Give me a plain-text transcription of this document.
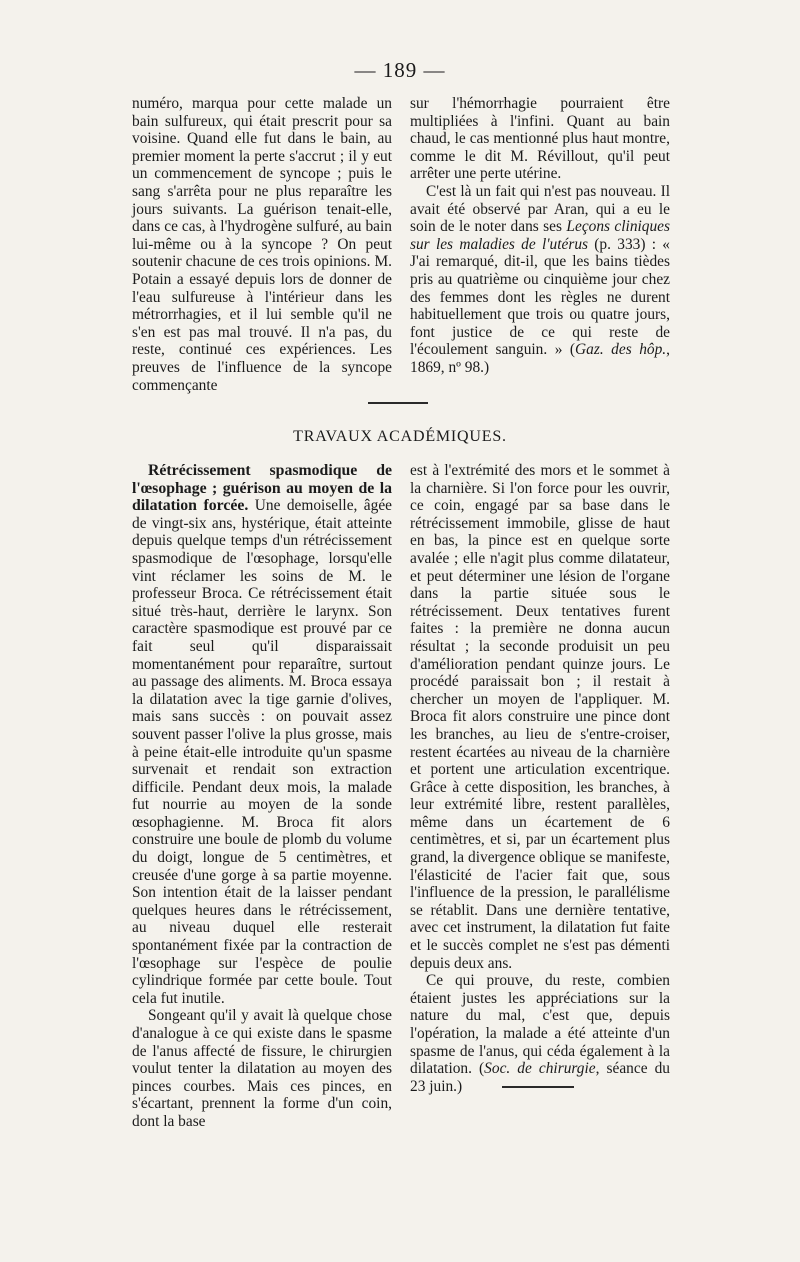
— 189 —

numéro, marqua pour cette malade un bain sulfureux, qui était prescrit pour sa voisine. Quand elle fut dans le bain, au premier moment la perte s'accrut ; il y eut un commencement de syncope ; puis le sang s'arrêta pour ne plus reparaître les jours suivants. La guérison tenait-elle, dans ce cas, à l'hydrogène sulfuré, au bain lui-même ou à la syncope ? On peut soutenir chacune de ces trois opinions. M. Potain a essayé depuis lors de donner de l'eau sulfureuse à l'intérieur dans les métrorrhagies, et il lui semble qu'il ne s'en est pas mal trouvé. Il n'a pas, du reste, continué ces expériences. Les preuves de l'influence de la syncope commençante

sur l'hémorrhagie pourraient être multipliées à l'infini. Quant au bain chaud, le cas mentionné plus haut montre, comme le dit M. Révillout, qu'il peut arrêter une perte utérine.

C'est là un fait qui n'est pas nouveau. Il avait été observé par Aran, qui a eu le soin de le noter dans ses Leçons cliniques sur les maladies de l'utérus (p. 333) : « J'ai remarqué, dit-il, que les bains tièdes pris au quatrième ou cinquième jour chez des femmes dont les règles ne durent habituellement que trois ou quatre jours, font justice de ce qui reste de l'écoulement sanguin. » (Gaz. des hôp., 1869, nº 98.)

TRAVAUX ACADÉMIQUES.

Rétrécissement spasmodique de l'œsophage ; guérison au moyen de la dilatation forcée. Une demoiselle, âgée de vingt-six ans, hystérique, était atteinte depuis quelque temps d'un rétrécissement spasmodique de l'œsophage, lorsqu'elle vint réclamer les soins de M. le professeur Broca. Ce rétrécissement était situé très-haut, derrière le larynx. Son caractère spasmodique est prouvé par ce fait seul qu'il disparaissait momentanément pour reparaître, surtout au passage des aliments. M. Broca essaya la dilatation avec la tige garnie d'olives, mais sans succès : on pouvait assez souvent passer l'olive la plus grosse, mais à peine était-elle introduite qu'un spasme survenait et rendait son extraction difficile. Pendant deux mois, la malade fut nourrie au moyen de la sonde œsophagienne. M. Broca fit alors construire une boule de plomb du volume du doigt, longue de 5 centimètres, et creusée d'une gorge à sa partie moyenne. Son intention était de la laisser pendant quelques heures dans le rétrécissement, au niveau duquel elle resterait spontanément fixée par la contraction de l'œsophage sur l'espèce de poulie cylindrique formée par cette boule. Tout cela fut inutile.

Songeant qu'il y avait là quelque chose d'analogue à ce qui existe dans le spasme de l'anus affecté de fissure, le chirurgien voulut tenter la dilatation au moyen des pinces courbes. Mais ces pinces, en s'écartant, prennent la forme d'un coin, dont la base

est à l'extrémité des mors et le sommet à la charnière. Si l'on force pour les ouvrir, ce coin, engagé par sa base dans le rétrécissement immobile, glisse de haut en bas, la pince est en quelque sorte avalée ; elle n'agit plus comme dilatateur, et peut déterminer une lésion de l'organe dans la partie située sous le rétrécissement. Deux tentatives furent faites : la première ne donna aucun résultat ; la seconde produisit un peu d'amélioration pendant quinze jours. Le procédé paraissait bon ; il restait à chercher un moyen de l'appliquer. M. Broca fit alors construire une pince dont les branches, au lieu de s'entre-croiser, restent écartées au niveau de la charnière et portent une articulation excentrique. Grâce à cette disposition, les branches, à leur extrémité libre, restent parallèles, même dans un écartement de 6 centimètres, et si, par un écartement plus grand, la divergence oblique se manifeste, l'élasticité de l'acier fait que, sous l'influence de la pression, le parallélisme se rétablit. Dans une dernière tentative, avec cet instrument, la dilatation fut faite et le succès complet ne s'est pas démenti depuis deux ans.

Ce qui prouve, du reste, combien étaient justes les appréciations sur la nature du mal, c'est que, depuis l'opération, la malade a été atteinte d'un spasme de l'anus, qui céda également à la dilatation. (Soc. de chirurgie, séance du 23 juin.)
